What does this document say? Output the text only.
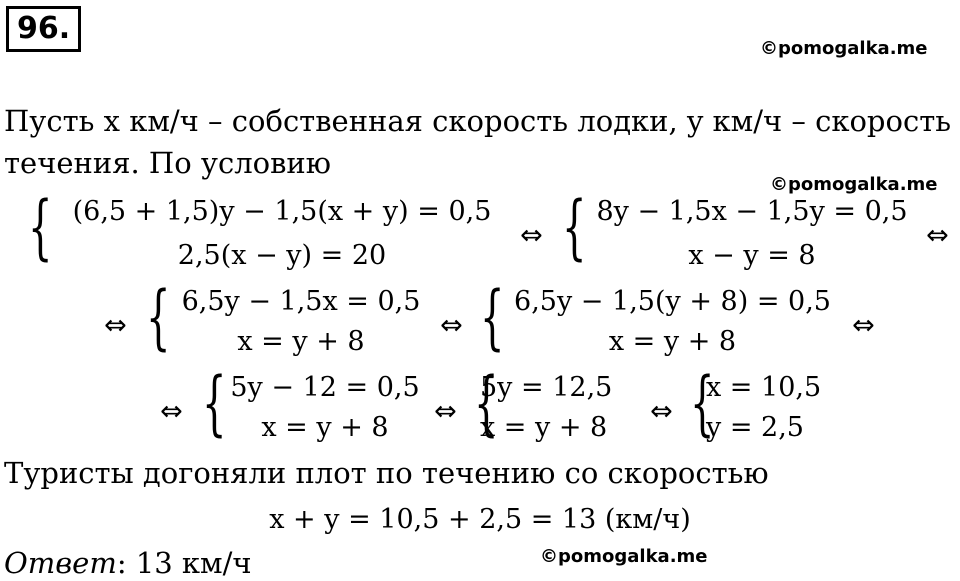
96.
©pomogalka.me
©pomogalka.me
©pomogalka.me
Пусть x км/ч – собственная скорость лодки, y км/ч – скорость
течения. По условию
{ (6,5 + 1,5)y − 1,5(x + y) = 0,5
2,5(x − y) = 20
⇔ { 8y − 1,5x − 1,5y = 0,5
x − y = 8
⇔
⇔ { 6,5y − 1,5x = 0,5
x = y + 8
⇔ { 6,5y − 1,5(y + 8) = 0,5
x = y + 8
⇔
⇔ { 5y − 12 = 0,5
x = y + 8
⇔ {
5y = 12,5
x = y + 8
⇔ {
x = 10,5
y = 2,5
Туристы догоняли плот по течению со скоростью
x + y = 10,5 + 2,5 = 13 (км/ч)
Ответ: 13 км/ч
